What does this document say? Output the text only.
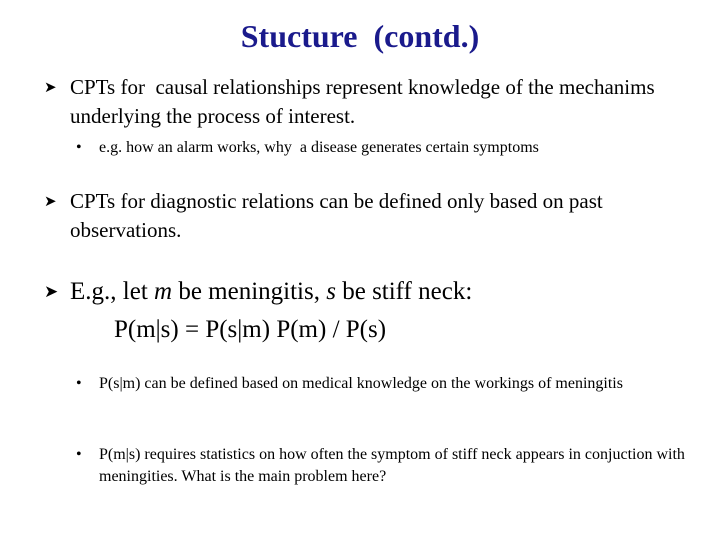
Stucture  (contd.)
➤ CPTs for  causal relationships represent knowledge of the mechanims underlying the process of interest.
•	e.g. how an alarm works, why  a disease generates certain symptoms
➤ CPTs for diagnostic relations can be defined only based on past observations.
➤ E.g., let m be meningitis, s be stiff neck:
P(m|s) = P(s|m) P(m) / P(s)
•	P(s|m) can be defined based on medical knowledge on the workings of meningitis
•	P(m|s) requires statistics on how often the symptom of stiff neck appears in conjuction with meningities. What is the main problem here?
